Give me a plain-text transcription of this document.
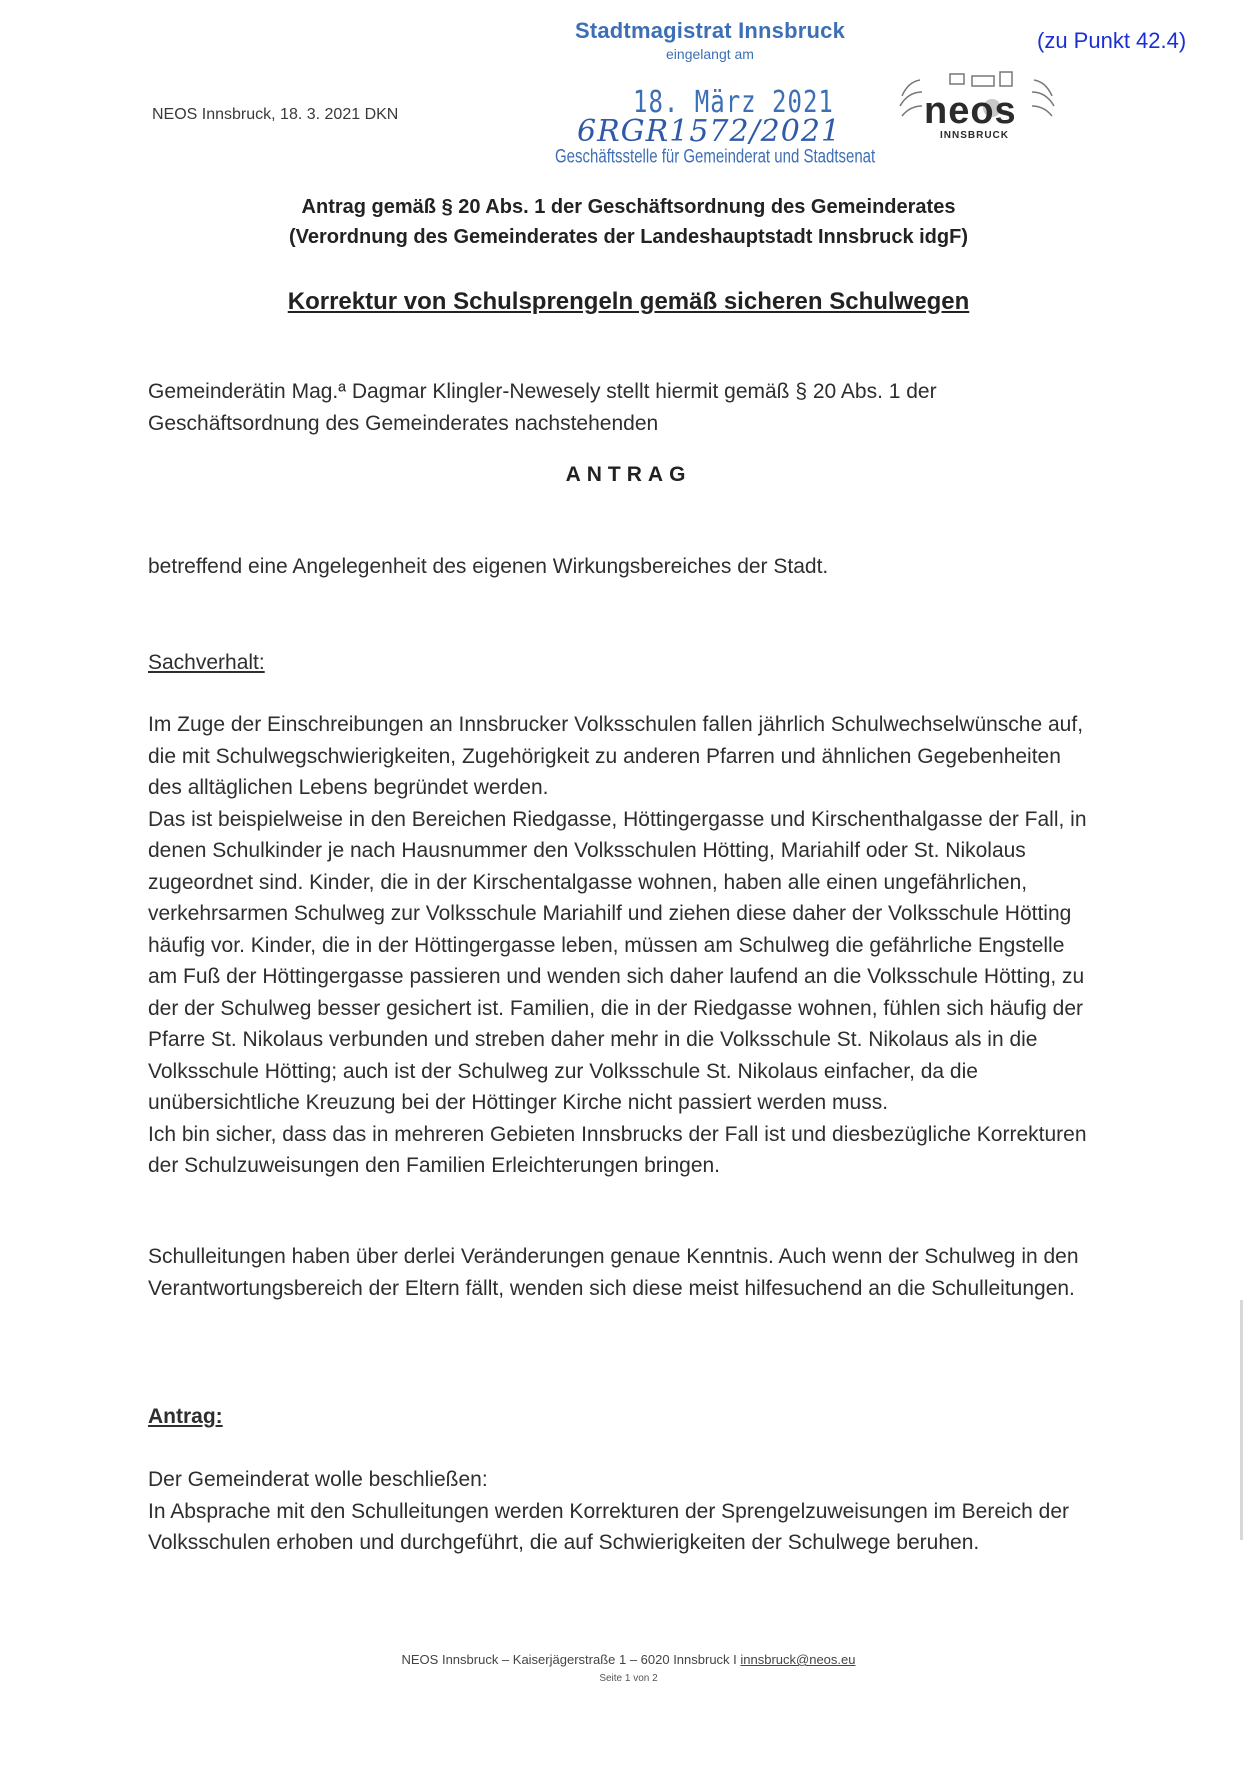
(zu Punkt 42.4)
NEOS Innsbruck, 18. 3. 2021 DKN
Stadtmagistrat Innsbruck
eingelangt am
18. März 2021
6RGR1572/2021
Geschäftsstelle für Gemeinderat und Stadtsenat
neos
INNSBRUCK
Antrag gemäß § 20 Abs. 1 der Geschäftsordnung des Gemeinderates
(Verordnung des Gemeinderates der Landeshauptstadt Innsbruck idgF)
Korrektur von Schulsprengeln gemäß sicheren Schulwegen
Gemeinderätin Mag.ª Dagmar Klingler-Newesely stellt hiermit gemäß § 20 Abs. 1 der Geschäftsordnung des Gemeinderates nachstehenden
ANTRAG
betreffend eine Angelegenheit des eigenen Wirkungsbereiches der Stadt.
Sachverhalt:
Im Zuge der Einschreibungen an Innsbrucker Volksschulen fallen jährlich Schulwechselwünsche auf, die mit Schulwegschwierigkeiten, Zugehörigkeit zu anderen Pfarren und ähnlichen Gegebenheiten des alltäglichen Lebens begründet werden.
Das ist beispielweise in den Bereichen Riedgasse, Höttingergasse und Kirschenthalgasse der Fall, in denen Schulkinder je nach Hausnummer den Volksschulen Hötting, Mariahilf oder St. Nikolaus zugeordnet sind. Kinder, die in der Kirschentalgasse wohnen, haben alle einen ungefährlichen, verkehrsarmen Schulweg zur Volksschule Mariahilf und ziehen diese daher der Volksschule Hötting häufig vor. Kinder, die in der Höttingergasse leben, müssen am Schulweg die gefährliche Engstelle am Fuß der Höttingergasse passieren und wenden sich daher laufend an die Volksschule Hötting, zu der der Schulweg besser gesichert ist. Familien, die in der Riedgasse wohnen, fühlen sich häufig der Pfarre St. Nikolaus verbunden und streben daher mehr in die Volksschule St. Nikolaus als in die Volksschule Hötting; auch ist der Schulweg zur Volksschule St. Nikolaus einfacher, da die unübersichtliche Kreuzung bei der Höttinger Kirche nicht passiert werden muss.
Ich bin sicher, dass das in mehreren Gebieten Innsbrucks der Fall ist und diesbezügliche Korrekturen der Schulzuweisungen den Familien Erleichterungen bringen.
Schulleitungen haben über derlei Veränderungen genaue Kenntnis. Auch wenn der Schulweg in den Verantwortungsbereich der Eltern fällt, wenden sich diese meist hilfesuchend an die Schulleitungen.
Antrag:
Der Gemeinderat wolle beschließen:
In Absprache mit den Schulleitungen werden Korrekturen der Sprengelzuweisungen im Bereich der Volksschulen erhoben und durchgeführt, die auf Schwierigkeiten der Schulwege beruhen.
NEOS Innsbruck – Kaiserjägerstraße 1 – 6020 Innsbruck I innsbruck@neos.eu
Seite 1 von 2
